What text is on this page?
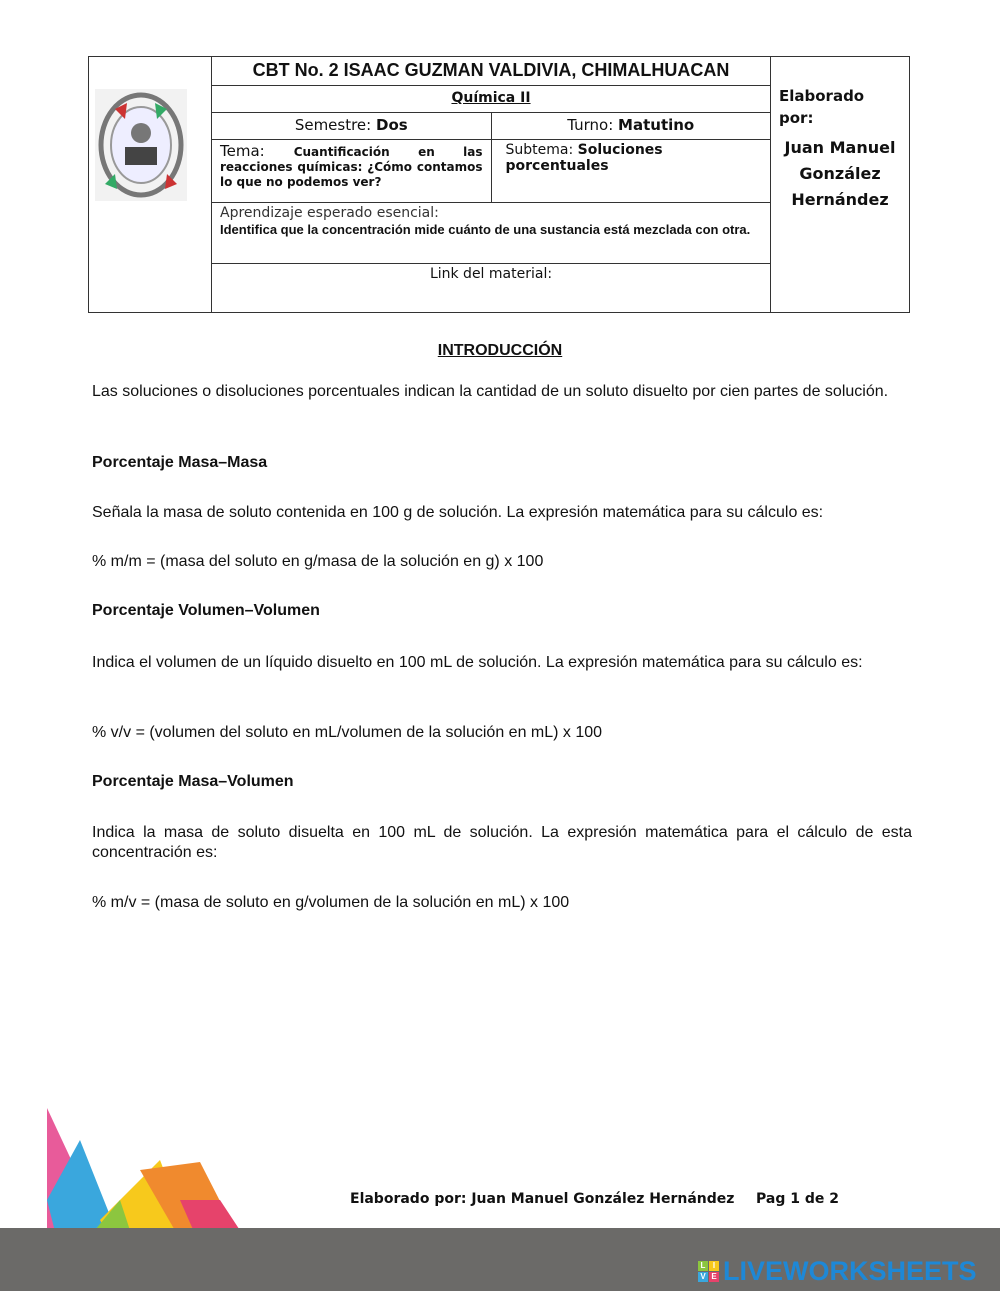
	CBT No. 2 ISAAC GUZMAN VALDIVIA, CHIMALHUACAN		Elaborado por:
Juan Manuel
González
Hernández

	Química II		
	Semestre: Dos	Turno: Matutino	
	Tema: Cuantificación en las reacciones químicas: ¿Cómo contamos lo que no podemos ver?	Subtema: Soluciones porcentuales	

	Aprendizaje esperado esencial:
Identifica que la concentración mide cuánto de una sustancia está mezclada con otra.		

	Link del material:		
INTRODUCCIÓN
Las soluciones o disoluciones porcentuales indican la cantidad de un soluto disuelto por cien partes de solución.
Porcentaje Masa–Masa
Señala la masa de soluto contenida en 100 g de solución. La expresión matemática para su cálculo es:
% m/m = (masa del soluto en g/masa de la solución en g) x 100
Porcentaje Volumen–Volumen
Indica el volumen de un líquido disuelto en 100 mL de solución. La expresión matemática para su cálculo es:
% v/v = (volumen del soluto en mL/volumen de la solución en mL) x 100
Porcentaje Masa–Volumen
Indica la masa de soluto disuelta en 100 mL de solución. La expresión matemática para el cálculo de esta concentración es:
% m/v = (masa de soluto en g/volumen de la solución en mL) x 100
Elaborado por: Juan Manuel González Hernández Pag 1 de 2
L I
V E LIVEWORKSHEETS
